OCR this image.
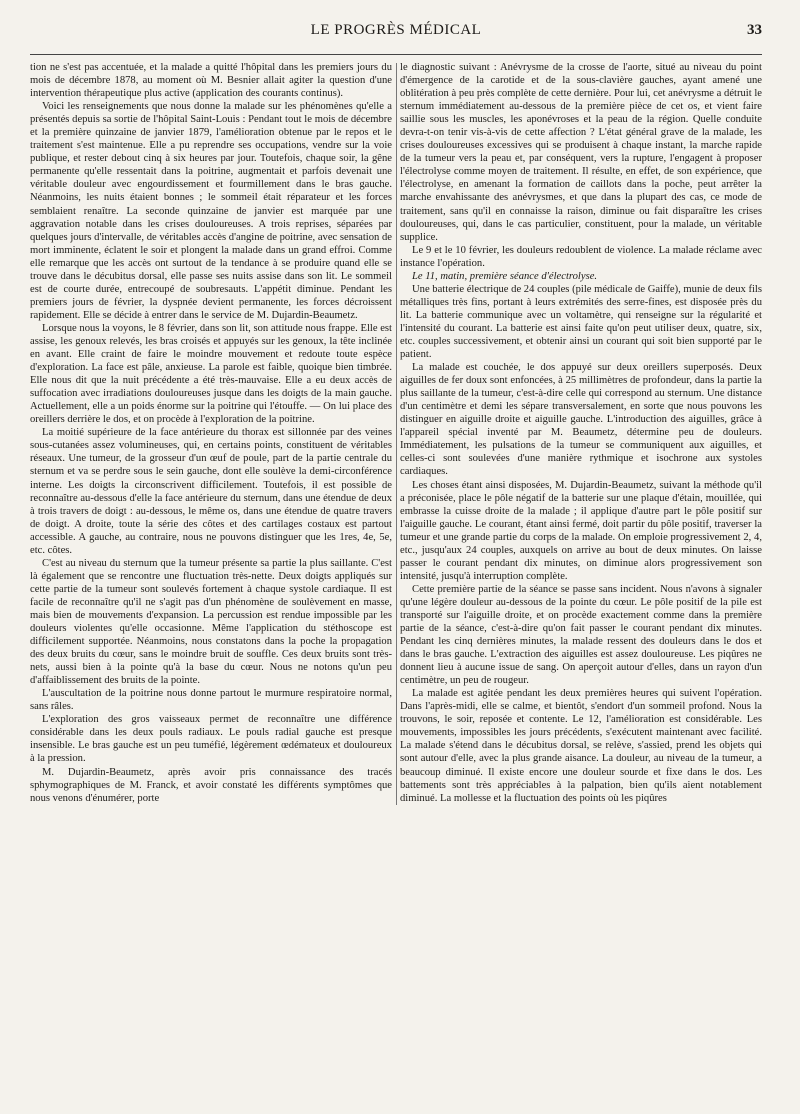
LE PROGRÈS MÉDICAL	33

tion ne s'est pas accentuée, et la malade a quitté l'hôpital dans les premiers jours du mois de décembre 1878, au moment où M. Besnier allait agiter la question d'une intervention thérapeutique plus active (application des courants continus).

Voici les renseignements que nous donne la malade sur les phénomènes qu'elle a présentés depuis sa sortie de l'hôpital Saint-Louis : Pendant tout le mois de décembre et la première quinzaine de janvier 1879, l'amélioration obtenue par le repos et le traitement s'est maintenue. Elle a pu reprendre ses occupations, vendre sur la voie publique, et rester debout cinq à six heures par jour. Toutefois, chaque soir, la gêne permanente qu'elle ressentait dans la poitrine, augmentait et parfois devenait une véritable douleur avec engourdissement et fourmillement dans le bras gauche. Néanmoins, les nuits étaient bonnes ; le sommeil était réparateur et les forces semblaient renaître. La seconde quinzaine de janvier est marquée par une aggravation notable dans les crises douloureuses. A trois reprises, séparées par quelques jours d'intervalle, de véritables accès d'angine de poitrine, avec sensation de mort imminente, éclatent le soir et plongent la malade dans un grand effroi. Comme elle remarque que les accès ont surtout de la tendance à se produire quand elle se trouve dans le décubitus dorsal, elle passe ses nuits assise dans son lit. Le sommeil est de courte durée, entrecoupé de soubresauts. L'appétit diminue. Pendant les premiers jours de février, la dyspnée devient permanente, les forces décroissent rapidement. Elle se décide à entrer dans le service de M. Dujardin-Beaumetz.

Lorsque nous la voyons, le 8 février, dans son lit, son attitude nous frappe. Elle est assise, les genoux relevés, les bras croisés et appuyés sur les genoux, la tête inclinée en avant. Elle craint de faire le moindre mouvement et redoute toute espèce d'exploration. La face est pâle, anxieuse. La parole est faible, quoique bien timbrée. Elle nous dit que la nuit précédente a été très-mauvaise. Elle a eu deux accès de suffocation avec irradiations douloureuses jusque dans les doigts de la main gauche. Actuellement, elle a un poids énorme sur la poitrine qui l'étouffe. — On lui place des oreillers derrière le dos, et on procède à l'exploration de la poitrine.

La moitié supérieure de la face antérieure du thorax est sillonnée par des veines sous-cutanées assez volumineuses, qui, en certains points, constituent de véritables réseaux. Une tumeur, de la grosseur d'un œuf de poule, part de la partie centrale du sternum et va se perdre sous le sein gauche, dont elle soulève la demi-circonférence interne. Les doigts la circonscrivent difficilement. Toutefois, il est possible de reconnaître au-dessous d'elle la face antérieure du sternum, dans une étendue de deux à trois travers de doigt : au-dessous, le même os, dans une étendue de quatre travers de doigt. A droite, toute la série des côtes et des cartilages costaux est partout accessible. A gauche, au contraire, nous ne pouvons distinguer que les 1res, 4e, 5e, etc. côtes.

C'est au niveau du sternum que la tumeur présente sa partie la plus saillante. C'est là également que se rencontre une fluctuation très-nette. Deux doigts appliqués sur cette partie de la tumeur sont soulevés fortement à chaque systole cardiaque. Il est facile de reconnaître qu'il ne s'agit pas d'un phénomène de soulèvement en masse, mais bien de mouvements d'expansion. La percussion est rendue impossible par les douleurs violentes qu'elle occasionne. Même l'application du stéthoscope est difficilement supportée. Néanmoins, nous constatons dans la poche la propagation des deux bruits du cœur, sans le moindre bruit de souffle. Ces deux bruits sont très-nets, aussi bien à la pointe qu'à la base du cœur. Nous ne notons qu'un peu d'affaiblissement des bruits de la pointe.

L'auscultation de la poitrine nous donne partout le murmure respiratoire normal, sans râles.

L'exploration des gros vaisseaux permet de reconnaître une différence considérable dans les deux pouls radiaux. Le pouls radial gauche est presque insensible. Le bras gauche est un peu tuméfié, légèrement œdémateux et douloureux à la pression.

M. Dujardin-Beaumetz, après avoir pris connaissance des tracés sphymographiques de M. Franck, et avoir constaté les différents symptômes que nous venons d'énumérer, porte

le diagnostic suivant : Anévrysme de la crosse de l'aorte, situé au niveau du point d'émergence de la carotide et de la sous-clavière gauches, ayant amené une oblitération à peu près complète de cette dernière. Pour lui, cet anévrysme a détruit le sternum immédiatement au-dessous de la première pièce de cet os, et vient faire saillie sous les muscles, les aponévroses et la peau de la région. Quelle conduite devra-t-on tenir vis-à-vis de cette affection ? L'état général grave de la malade, les crises douloureuses excessives qui se produisent à chaque instant, la marche rapide de la tumeur vers la peau et, par conséquent, vers la rupture, l'engagent à proposer l'électrolyse comme moyen de traitement. Il résulte, en effet, de son expérience, que l'électrolyse, en amenant la formation de caillots dans la poche, peut arrêter la marche envahissante des anévrysmes, et que dans la plupart des cas, ce mode de traitement, sans qu'il en connaisse la raison, diminue ou fait disparaître les crises douloureuses, qui, dans le cas particulier, constituent, pour la malade, un véritable supplice.

Le 9 et le 10 février, les douleurs redoublent de violence. La malade réclame avec instance l'opération.

Le 11, matin, première séance d'électrolyse.

Une batterie électrique de 24 couples (pile médicale de Gaiffe), munie de deux fils métalliques très fins, portant à leurs extrémités des serre-fines, est disposée près du lit. La batterie communique avec un voltamètre, qui renseigne sur la régularité et l'intensité du courant. La batterie est ainsi faite qu'on peut utiliser deux, quatre, six, etc. couples successivement, et obtenir ainsi un courant qui soit bien supporté par le patient.

La malade est couchée, le dos appuyé sur deux oreillers superposés. Deux aiguilles de fer doux sont enfoncées, à 25 millimètres de profondeur, dans la partie la plus saillante de la tumeur, c'est-à-dire celle qui correspond au sternum. Une distance d'un centimètre et demi les sépare transversalement, en sorte que nous pouvons les distinguer en aiguille droite et aiguille gauche. L'introduction des aiguilles, grâce à l'appareil spécial inventé par M. Beaumetz, détermine peu de douleurs. Immédiatement, les pulsations de la tumeur se communiquent aux aiguilles, et celles-ci sont soulevées d'une manière rythmique et isochrone aux systoles cardiaques.

Les choses étant ainsi disposées, M. Dujardin-Beaumetz, suivant la méthode qu'il a préconisée, place le pôle négatif de la batterie sur une plaque d'étain, mouillée, qui embrasse la cuisse droite de la malade ; il applique d'autre part le pôle positif sur l'aiguille gauche. Le courant, étant ainsi fermé, doit partir du pôle positif, traverser la tumeur et une grande partie du corps de la malade. On emploie progressivement 2, 4, etc., jusqu'aux 24 couples, auxquels on arrive au bout de deux minutes. On laisse passer le courant pendant dix minutes, on diminue alors progressivement son intensité, jusqu'à interruption complète.

Cette première partie de la séance se passe sans incident. Nous n'avons à signaler qu'une légère douleur au-dessous de la pointe du cœur. Le pôle positif de la pile est transporté sur l'aiguille droite, et on procède exactement comme dans la première partie de la séance, c'est-à-dire qu'on fait passer le courant pendant dix minutes. Pendant les cinq dernières minutes, la malade ressent des douleurs dans le dos et dans le bras gauche. L'extraction des aiguilles est assez douloureuse. Les piqûres ne donnent lieu à aucune issue de sang. On aperçoit autour d'elles, dans un rayon d'un centimètre, un peu de rougeur.

La malade est agitée pendant les deux premières heures qui suivent l'opération. Dans l'après-midi, elle se calme, et bientôt, s'endort d'un sommeil profond. Nous la trouvons, le soir, reposée et contente. Le 12, l'amélioration est considérable. Les mouvements, impossibles les jours précédents, s'exécutent maintenant avec facilité. La malade s'étend dans le décubitus dorsal, se relève, s'assied, prend les objets qui sont autour d'elle, avec la plus grande aisance. La douleur, au niveau de la tumeur, a beaucoup diminué. Il existe encore une douleur sourde et fixe dans le dos. Les battements sont très appréciables à la palpation, bien qu'ils aient notablement diminué. La mollesse et la fluctuation des points où les piqûres
